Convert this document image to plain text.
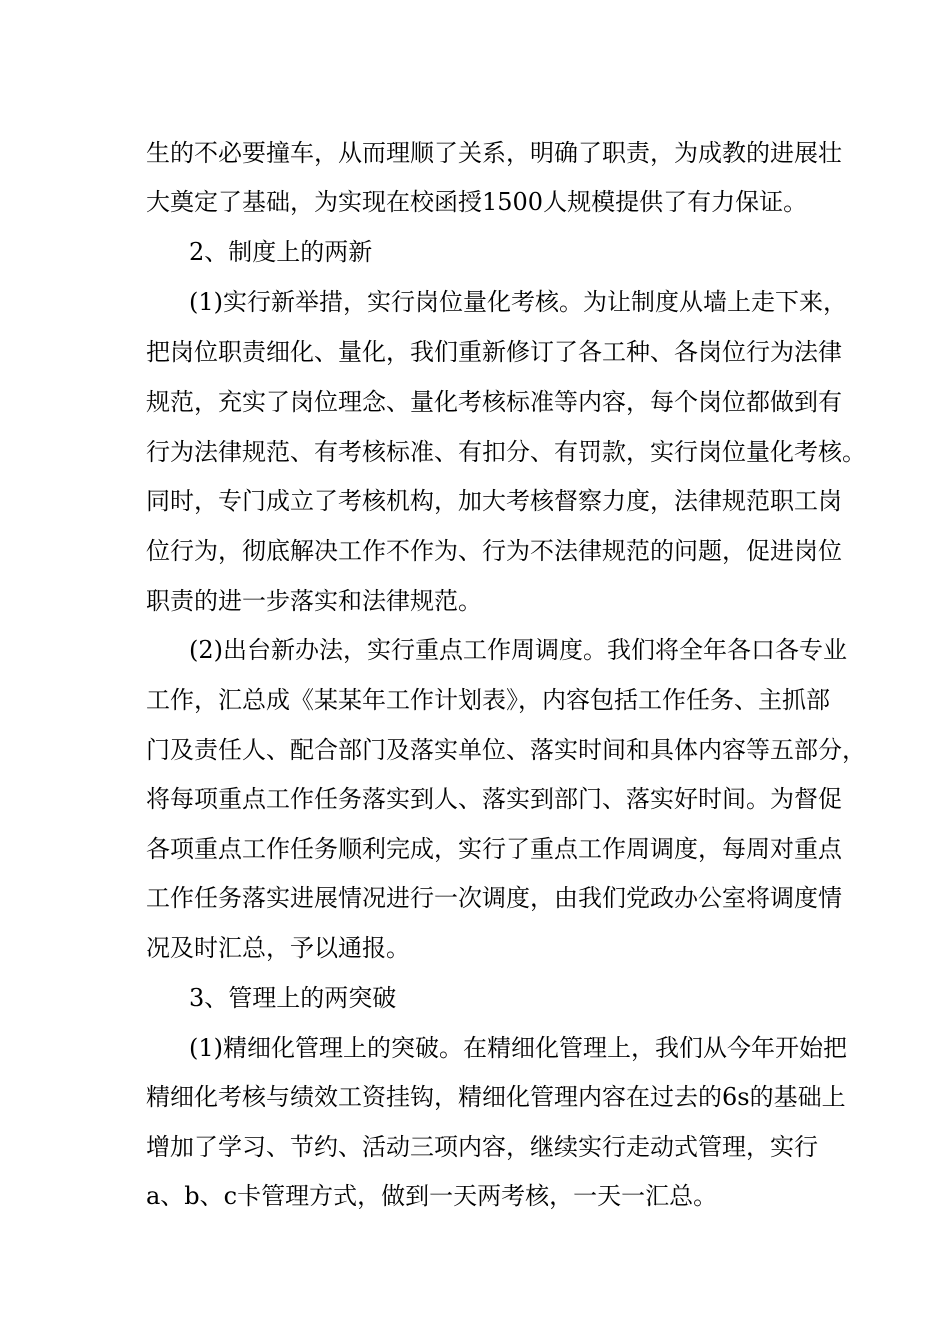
生的不必要撞车，从而理顺了关系，明确了职责，为成教的进展壮
大奠定了基础，为实现在校函授1500人规模提供了有力保证。
2、制度上的两新
(1)实行新举措，实行岗位量化考核。为让制度从墙上走下来，
把岗位职责细化、量化，我们重新修订了各工种、各岗位行为法律
规范，充实了岗位理念、量化考核标准等内容，每个岗位都做到有
行为法律规范、有考核标准、有扣分、有罚款，实行岗位量化考核。
同时，专门成立了考核机构，加大考核督察力度，法律规范职工岗
位行为，彻底解决工作不作为、行为不法律规范的问题，促进岗位
职责的进一步落实和法律规范。
(2)出台新办法，实行重点工作周调度。我们将全年各口各专业
工作，汇总成《某某年工作计划表》，内容包括工作任务、主抓部
门及责任人、配合部门及落实单位、落实时间和具体内容等五部分，
将每项重点工作任务落实到人、落实到部门、落实好时间。为督促
各项重点工作任务顺利完成，实行了重点工作周调度，每周对重点
工作任务落实进展情况进行一次调度，由我们党政办公室将调度情
况及时汇总，予以通报。
3、管理上的两突破
(1)精细化管理上的突破。在精细化管理上，我们从今年开始把
精细化考核与绩效工资挂钩，精细化管理内容在过去的6s的基础上
增加了学习、节约、活动三项内容，继续实行走动式管理，实行
a、b、c卡管理方式，做到一天两考核，一天一汇总。
